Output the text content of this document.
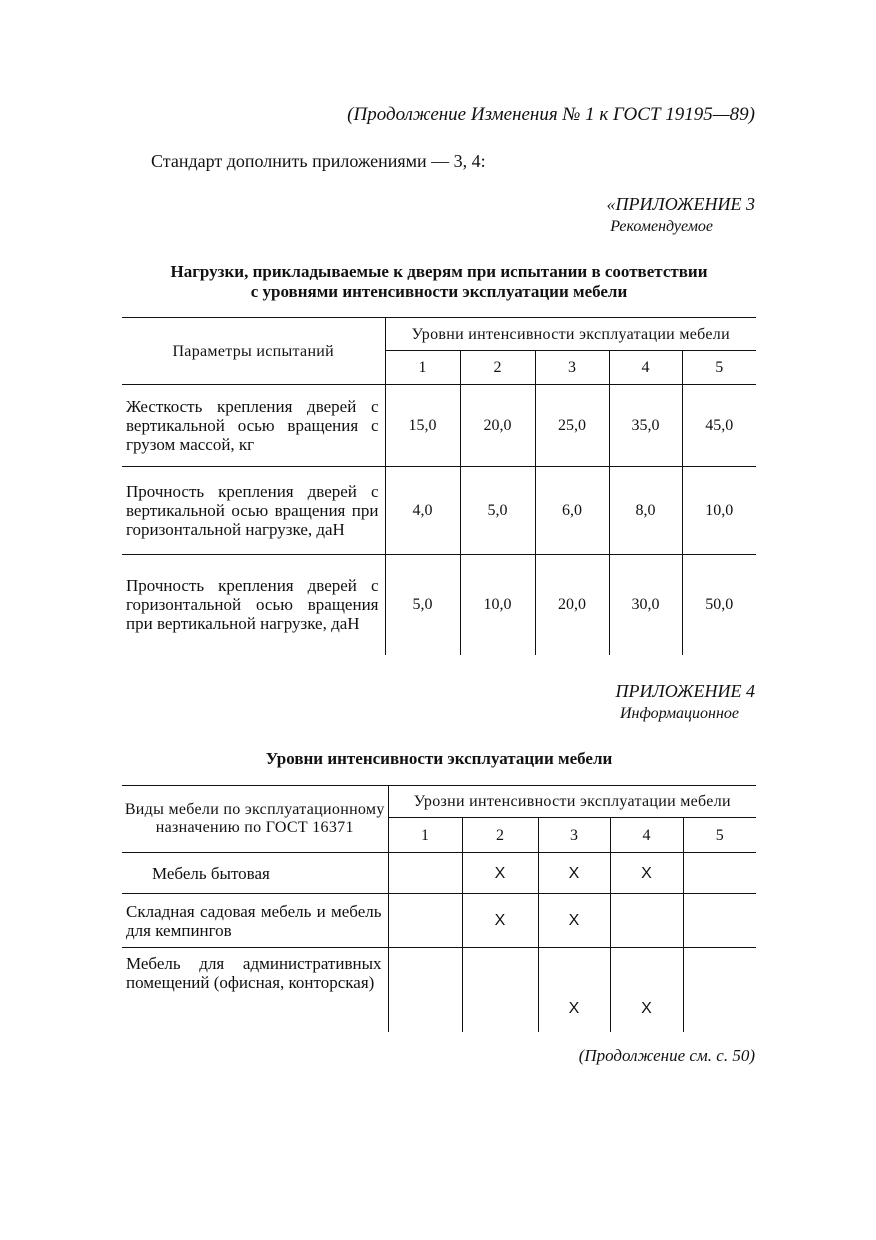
(Продолжение Изменения № 1 к ГОСТ 19195—89)
Стандарт дополнить приложениями — 3, 4:
«ПРИЛОЖЕНИЕ 3
Рекомендуемое
Нагрузки, прикладываемые к дверям при испытании в соответствии
с уровнями интенсивности эксплуатации мебели
Параметры испытаний	Уровни интенсивности эксплуатации мебели				
	1	2	3	4	5
Жесткость крепления дверей с вертикальной осью вращения с грузом массой, кг	15,0	20,0	25,0	35,0	45,0
Прочность крепления дверей с вертикальной осью вращения при горизонтальной нагрузке, даН	4,0	5,0	6,0	8,0	10,0
Прочность крепления дверей с горизонтальной осью вращения при вертикальной нагрузке, даН	5,0	10,0	20,0	30,0	50,0
ПРИЛОЖЕНИЕ 4
Информационное
Уровни интенсивности эксплуатации мебели
Виды мебели по эксплуатационному назначению по ГОСТ 16371	Урозни интенсивности эксплуатации мебели				
	1	2	3	4	5
Мебель бытовая		X	X	X	
Складная садовая мебель и мебель для кемпингов		X	X		
Мебель для административных помещений (офисная, конторская)			X	X	
(Продолжение см. с. 50)
